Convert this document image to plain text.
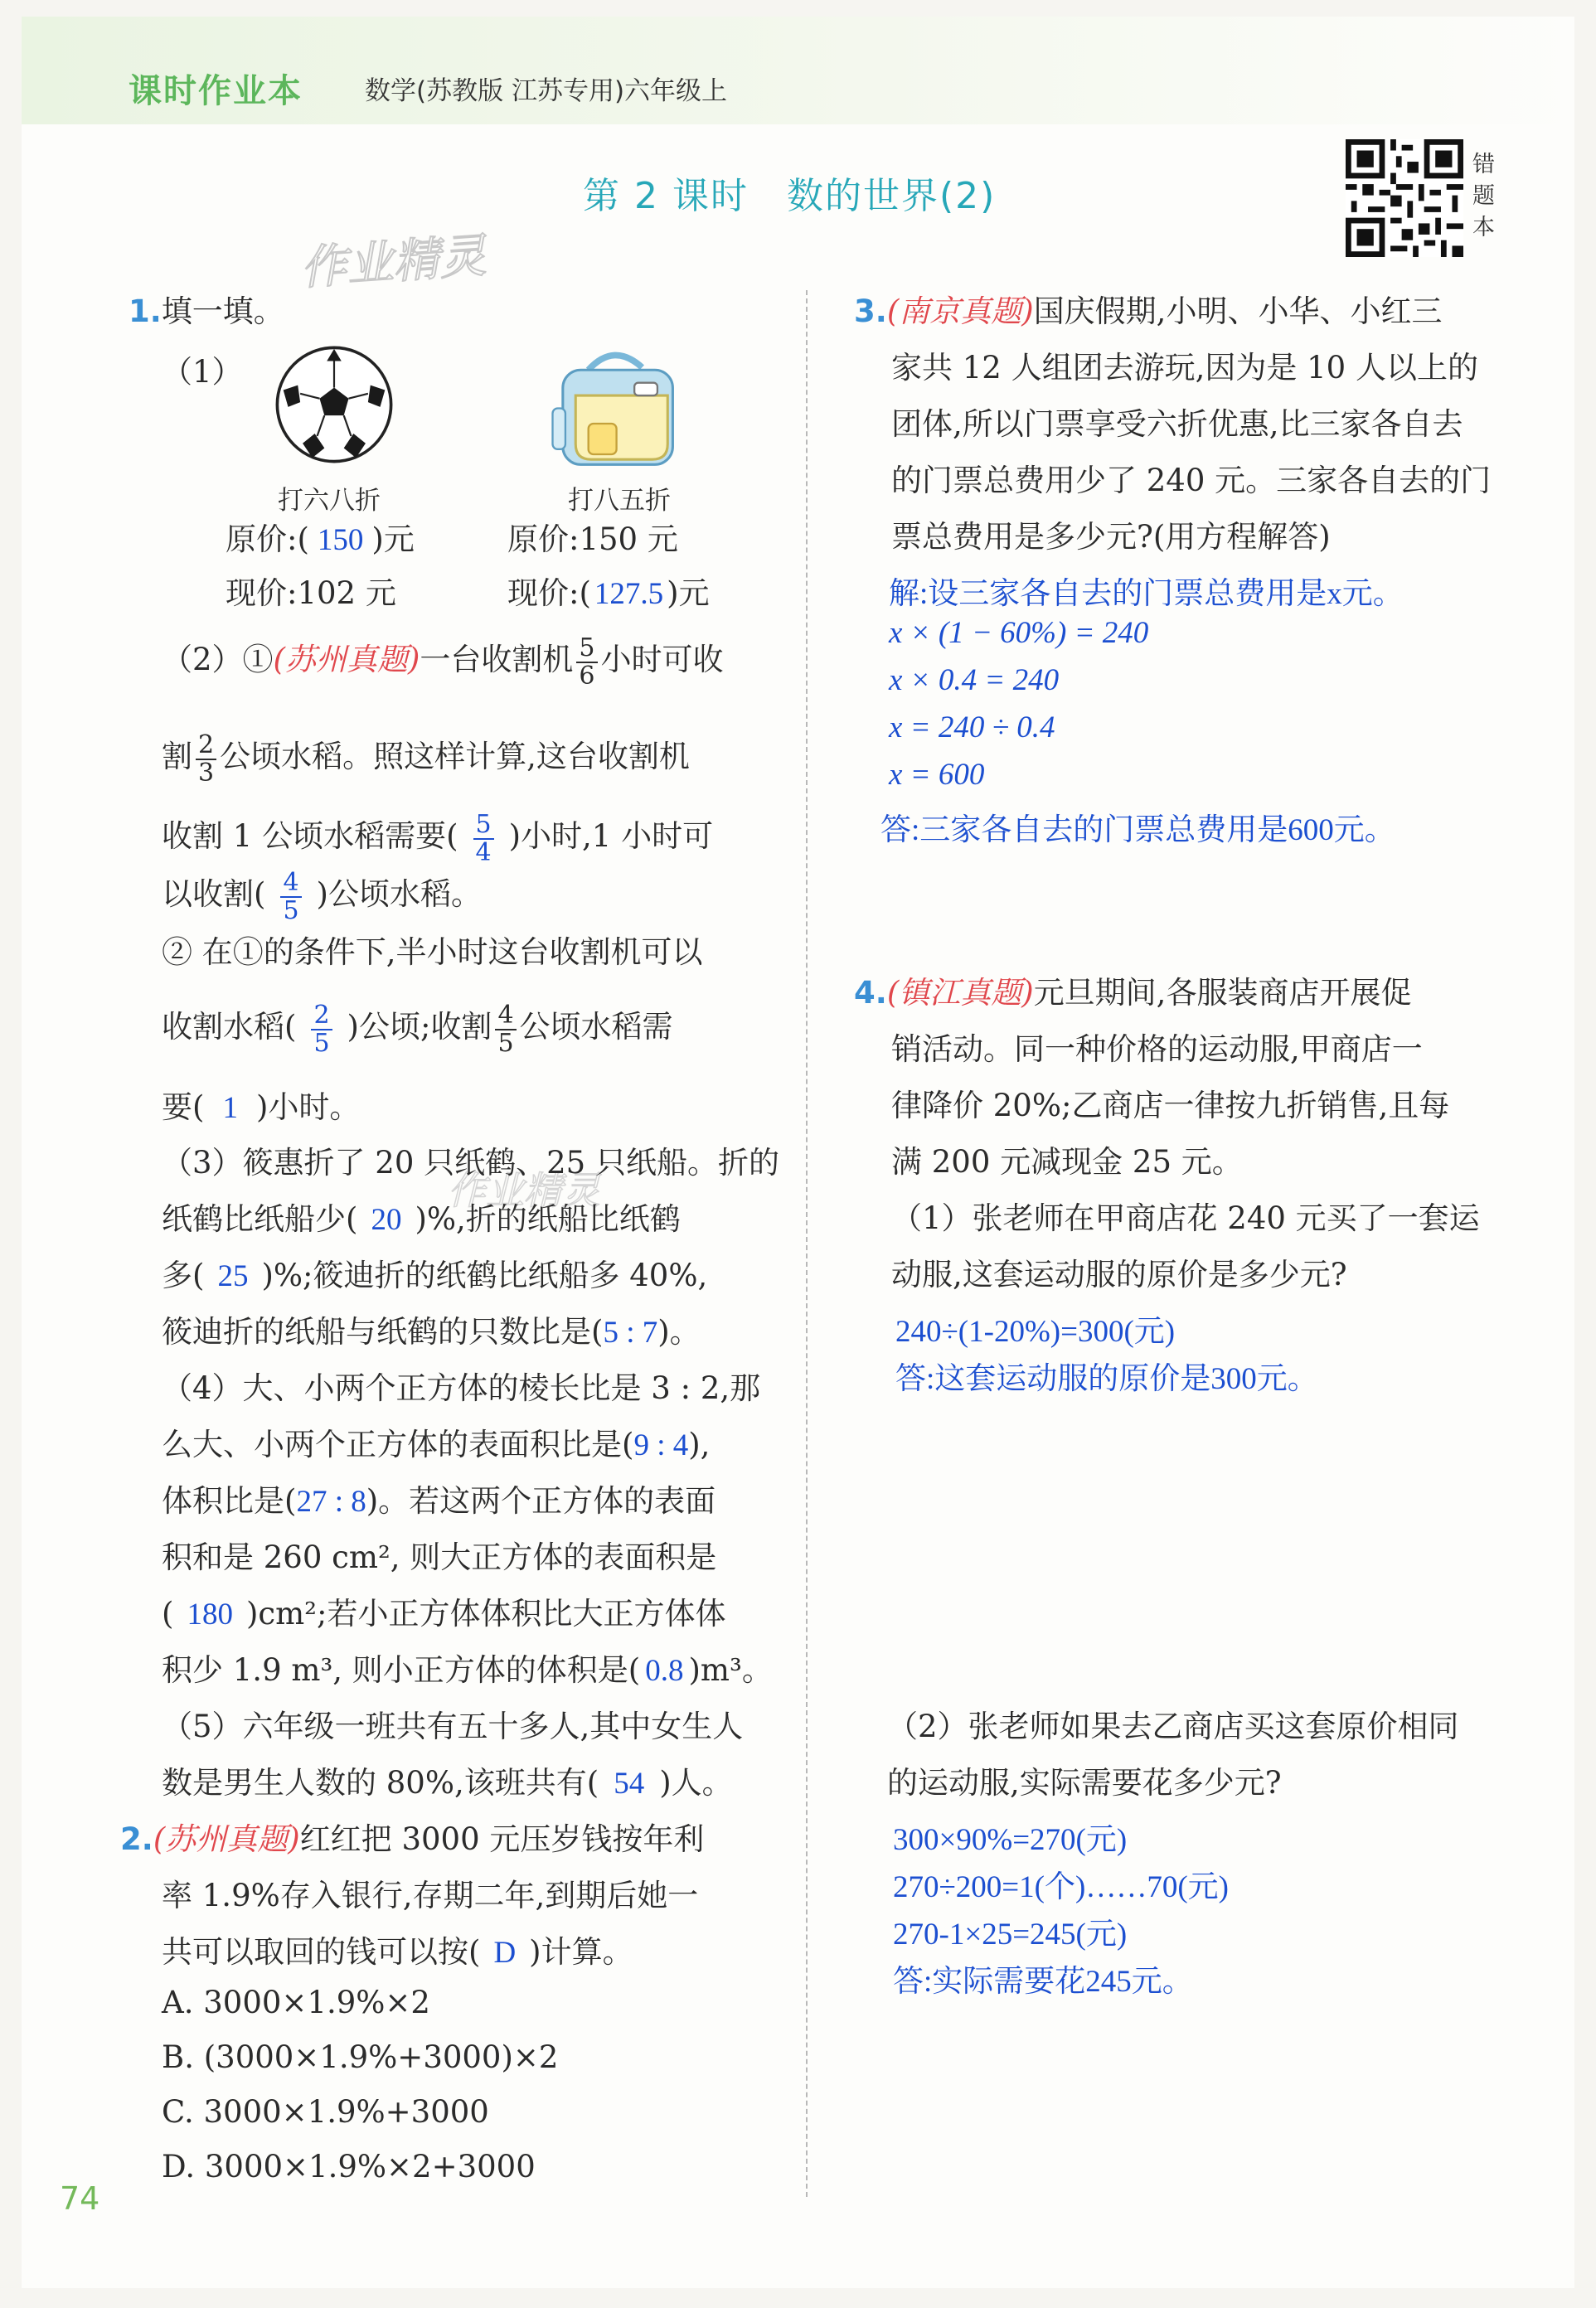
课时作业本 数学(苏教版 江苏专用)六年级上
第 2 课时　数的世界(2)
错题本
作业精灵
作业精灵
1.填一填。
（1）
打六八折	打八五折
原价:( 150 )元
现价:102 元
原价:150 元
现价:( 127.5 )元
（2）①(苏州真题)一台收割机 $\frac{5}{6}$ 小时可收
割 $\frac{2}{3}$ 公顷水稻。照这样计算,这台收割机
收割 1 公顷水稻需要( $\frac{5}{4}$ )小时,1 小时可
以收割( $\frac{4}{5}$ )公顷水稻。
② 在①的条件下,半小时这台收割机可以
收割水稻( $\frac{2}{5}$ )公顷;收割 $\frac{4}{5}$ 公顷水稻需
要( 1 )小时。
（3）筱惠折了 20 只纸鹤、25 只纸船。折的
纸鹤比纸船少( 20 )%,折的纸船比纸鹤
多( 25 )%;筱迪折的纸鹤比纸船多 40%,
筱迪折的纸船与纸鹤的只数比是(5 : 7)。
（4）大、小两个正方体的棱长比是 3 : 2,那
么大、小两个正方体的表面积比是(9 : 4),
体积比是(27 : 8)。若这两个正方体的表面
积和是 260 cm², 则大正方体的表面积是
( 180 )cm²;若小正方体体积比大正方体体
积少 1.9 m³, 则小正方体的体积是( 0.8 )m³。
（5）六年级一班共有五十多人,其中女生人
数是男生人数的 80%,该班共有( 54 )人。
2.(苏州真题)红红把 3000 元压岁钱按年利
率 1.9%存入银行,存期二年,到期后她一
共可以取回的钱可以按( D )计算。
A. 3000×1.9%×2
B. (3000×1.9%+3000)×2
C. 3000×1.9%+3000
D. 3000×1.9%×2+3000
3.(南京真题)国庆假期,小明、小华、小红三
家共 12 人组团去游玩,因为是 10 人以上的
团体,所以门票享受六折优惠,比三家各自去
的门票总费用少了 240 元。三家各自去的门
票总费用是多少元?(用方程解答)
解:设三家各自去的门票总费用是x元。
x × (1 − 60%) = 240
x × 0.4 = 240
x = 240 ÷ 0.4
x = 600
答:三家各自去的门票总费用是600元。
4.(镇江真题)元旦期间,各服装商店开展促
销活动。同一种价格的运动服,甲商店一
律降价 20%;乙商店一律按九折销售,且每
满 200 元减现金 25 元。
（1）张老师在甲商店花 240 元买了一套运
动服,这套运动服的原价是多少元?
240÷(1-20%)=300(元)
答:这套运动服的原价是300元。
（2）张老师如果去乙商店买这套原价相同
的运动服,实际需要花多少元?
300×90%=270(元)
270÷200=1(个)……70(元)
270-1×25=245(元)
答:实际需要花245元。
74
